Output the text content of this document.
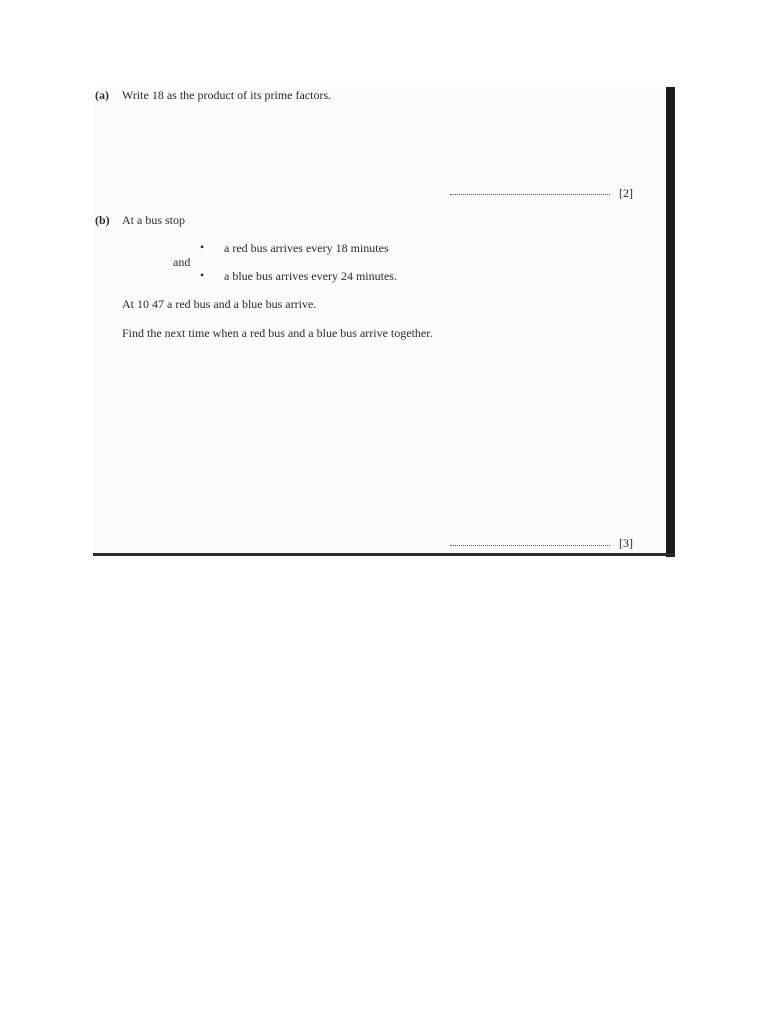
(a) Write 18 as the product of its prime factors.
[2]
(b) At a bus stop
• a red bus arrives every 18 minutes
and
• a blue bus arrives every 24 minutes.
At 10 47 a red bus and a blue bus arrive.
Find the next time when a red bus and a blue bus arrive together.
[3]
